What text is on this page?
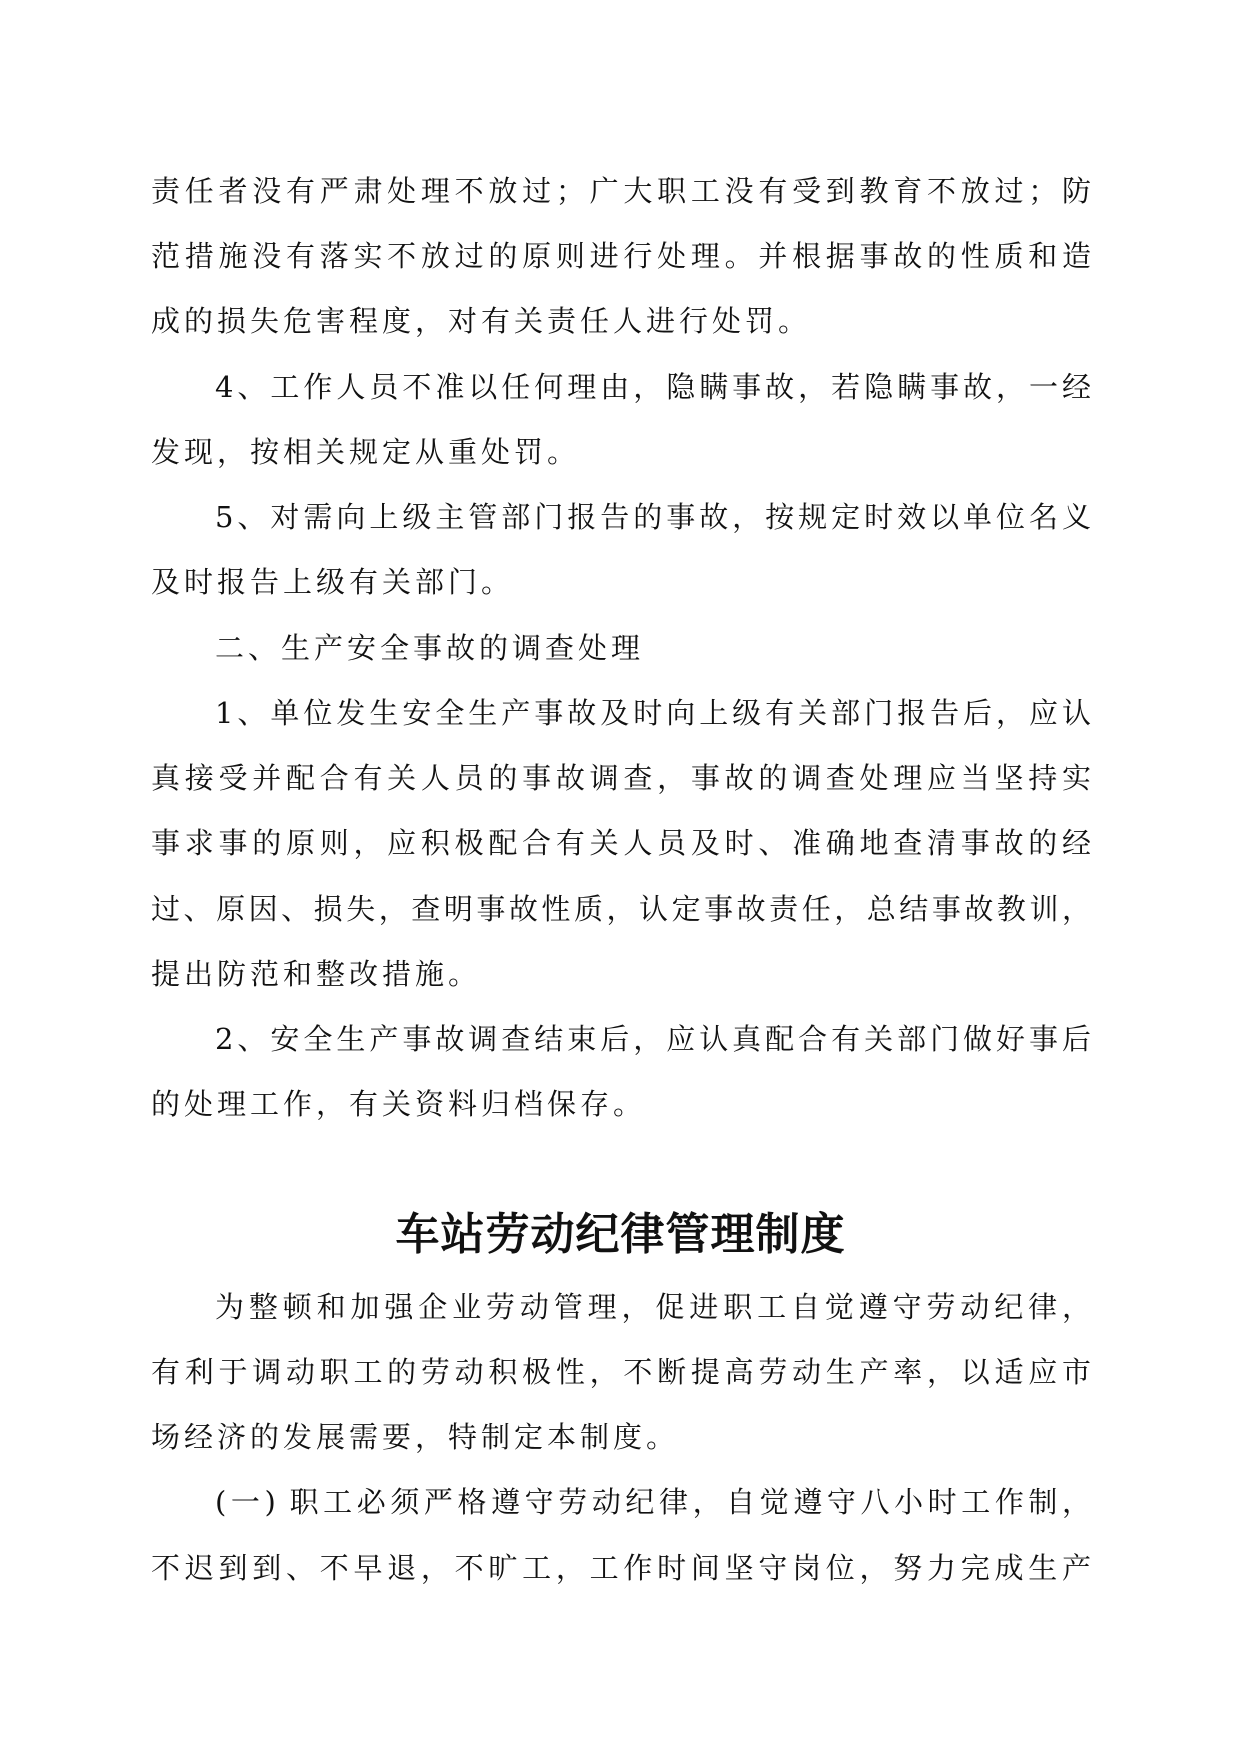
责任者没有严肃处理不放过；广大职工没有受到教育不放过；防
范措施没有落实不放过的原则进行处理。并根据事故的性质和造
成的损失危害程度，对有关责任人进行处罚。
4、工作人员不准以任何理由，隐瞒事故，若隐瞒事故，一经
发现，按相关规定从重处罚。
5、对需向上级主管部门报告的事故，按规定时效以单位名义
及时报告上级有关部门。
二、生产安全事故的调查处理
1、单位发生安全生产事故及时向上级有关部门报告后，应认
真接受并配合有关人员的事故调查，事故的调查处理应当坚持实
事求事的原则，应积极配合有关人员及时、准确地查清事故的经
过、原因、损失，查明事故性质，认定事故责任，总结事故教训，
提出防范和整改措施。
2、安全生产事故调查结束后，应认真配合有关部门做好事后
的处理工作，有关资料归档保存。
车站劳动纪律管理制度
为整顿和加强企业劳动管理，促进职工自觉遵守劳动纪律，
有利于调动职工的劳动积极性，不断提高劳动生产率，以适应市
场经济的发展需要，特制定本制度。
(一) 职工必须严格遵守劳动纪律，自觉遵守八小时工作制，
不迟到到、不早退，不旷工，工作时间坚守岗位，努力完成生产
